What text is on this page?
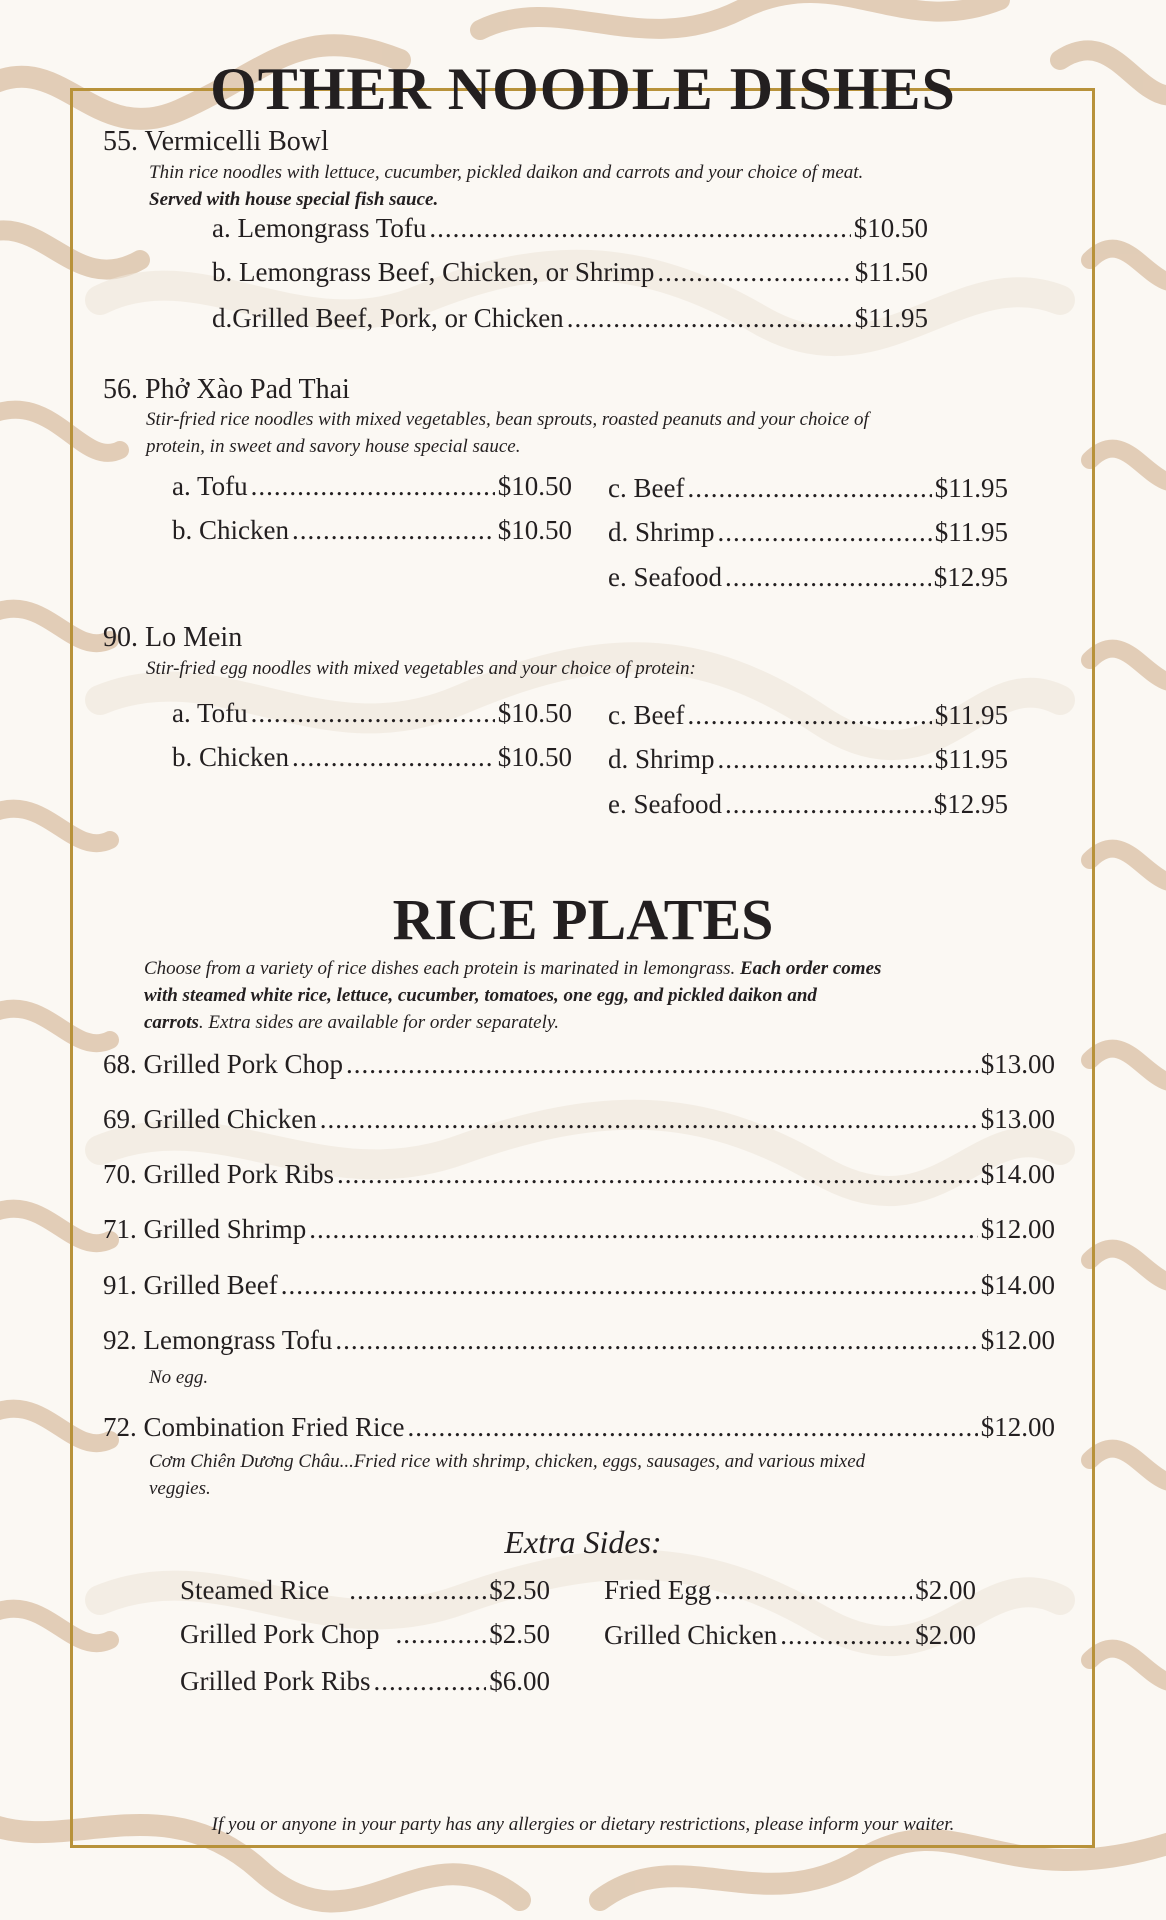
OTHER NOODLE DISHES
55. Vermicelli Bowl
Thin rice noodles with lettuce, cucumber, pickled daikon and carrots and your choice of meat.
Served with house special fish sauce.
a. Lemongrass Tofu .....	$10.50
b. Lemongrass Beef, Chicken, or Shrimp .....	$11.50
d.Grilled Beef, Pork, or Chicken .....	$11.95
56. Phở Xào Pad Thai
Stir-fried rice noodles with mixed vegetables, bean sprouts, roasted peanuts and your choice of
protein, in sweet and savory house special sauce.
a. Tofu .....	$10.50
b. Chicken .....	$10.50
c. Beef .....	$11.95
d. Shrimp .....	$11.95
e. Seafood .....	$12.95
90. Lo Mein
Stir-fried egg noodles with mixed vegetables and your choice of protein:
a. Tofu .....	$10.50
b. Chicken .....	$10.50
c. Beef .....	$11.95
d. Shrimp .....	$11.95
e. Seafood .....	$12.95
RICE PLATES
Choose from a variety of rice dishes each protein is marinated in lemongrass. Each order comes
with steamed white rice, lettuce, cucumber, tomatoes, one egg, and pickled daikon and
carrots. Extra sides are available for order separately.
68. Grilled Pork Chop .....	$13.00
69. Grilled Chicken .....	$13.00
70. Grilled Pork Ribs .....	$14.00
71. Grilled Shrimp .....	$12.00
91. Grilled Beef .....	$14.00
92. Lemongrass Tofu .....	$12.00
No egg.
72. Combination Fried Rice .....	$12.00
Cơm Chiên Dương Châu...Fried rice with shrimp, chicken, eggs, sausages, and various mixed
veggies.
Extra Sides:
Steamed Rice .....	$2.50
Grilled Pork Chop .....	$2.50
Grilled Pork Ribs .....	$6.00
Fried Egg .....	$2.00
Grilled Chicken .....	$2.00
If you or anyone in your party has any allergies or dietary restrictions, please inform your waiter.
